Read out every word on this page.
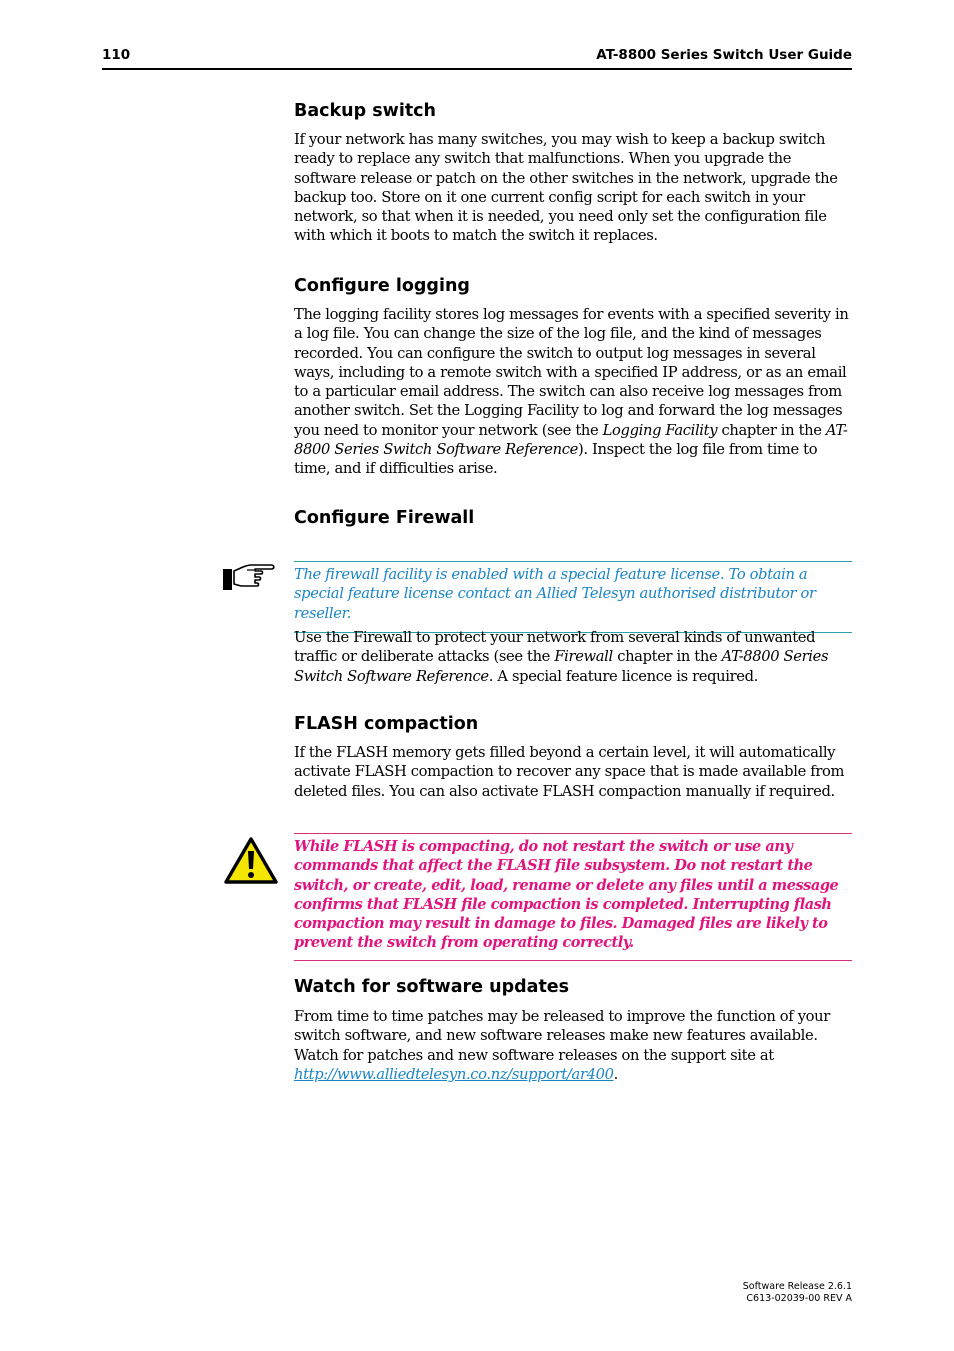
110	AT-8800 Series Switch User Guide
Backup switch

If your network has many switches, you may wish to keep a backup switch ready to replace any switch that malfunctions. When you upgrade the software release or patch on the other switches in the network, upgrade the backup too. Store on it one current config script for each switch in your network, so that when it is needed, you need only set the configuration file with which it boots to match the switch it replaces.

Configure logging

The logging facility stores log messages for events with a specified severity in a log file. You can change the size of the log file, and the kind of messages recorded. You can configure the switch to output log messages in several ways, including to a remote switch with a specified IP address, or as an email to a particular email address. The switch can also receive log messages from another switch. Set the Logging Facility to log and forward the log messages you need to monitor your network (see the Logging Facility chapter in the AT-8800 Series Switch Software Reference). Inspect the log file from time to time, and if difficulties arise.

Configure Firewall

The firewall facility is enabled with a special feature license. To obtain a special feature license contact an Allied Telesyn authorised distributor or reseller.

Use the Firewall to protect your network from several kinds of unwanted traffic or deliberate attacks (see the Firewall chapter in the AT-8800 Series Switch Software Reference. A special feature licence is required.

FLASH compaction

If the FLASH memory gets filled beyond a certain level, it will automatically activate FLASH compaction to recover any space that is made available from deleted files. You can also activate FLASH compaction manually if required.

While FLASH is compacting, do not restart the switch or use any commands that affect the FLASH file subsystem. Do not restart the switch, or create, edit, load, rename or delete any files until a message confirms that FLASH file compaction is completed. Interrupting flash compaction may result in damage to files. Damaged files are likely to prevent the switch from operating correctly.

Watch for software updates

From time to time patches may be released to improve the function of your switch software, and new software releases make new features available. Watch for patches and new software releases on the support site at http://www.alliedtelesyn.co.nz/support/ar400.

Software Release 2.6.1
C613-02039-00 REV A
